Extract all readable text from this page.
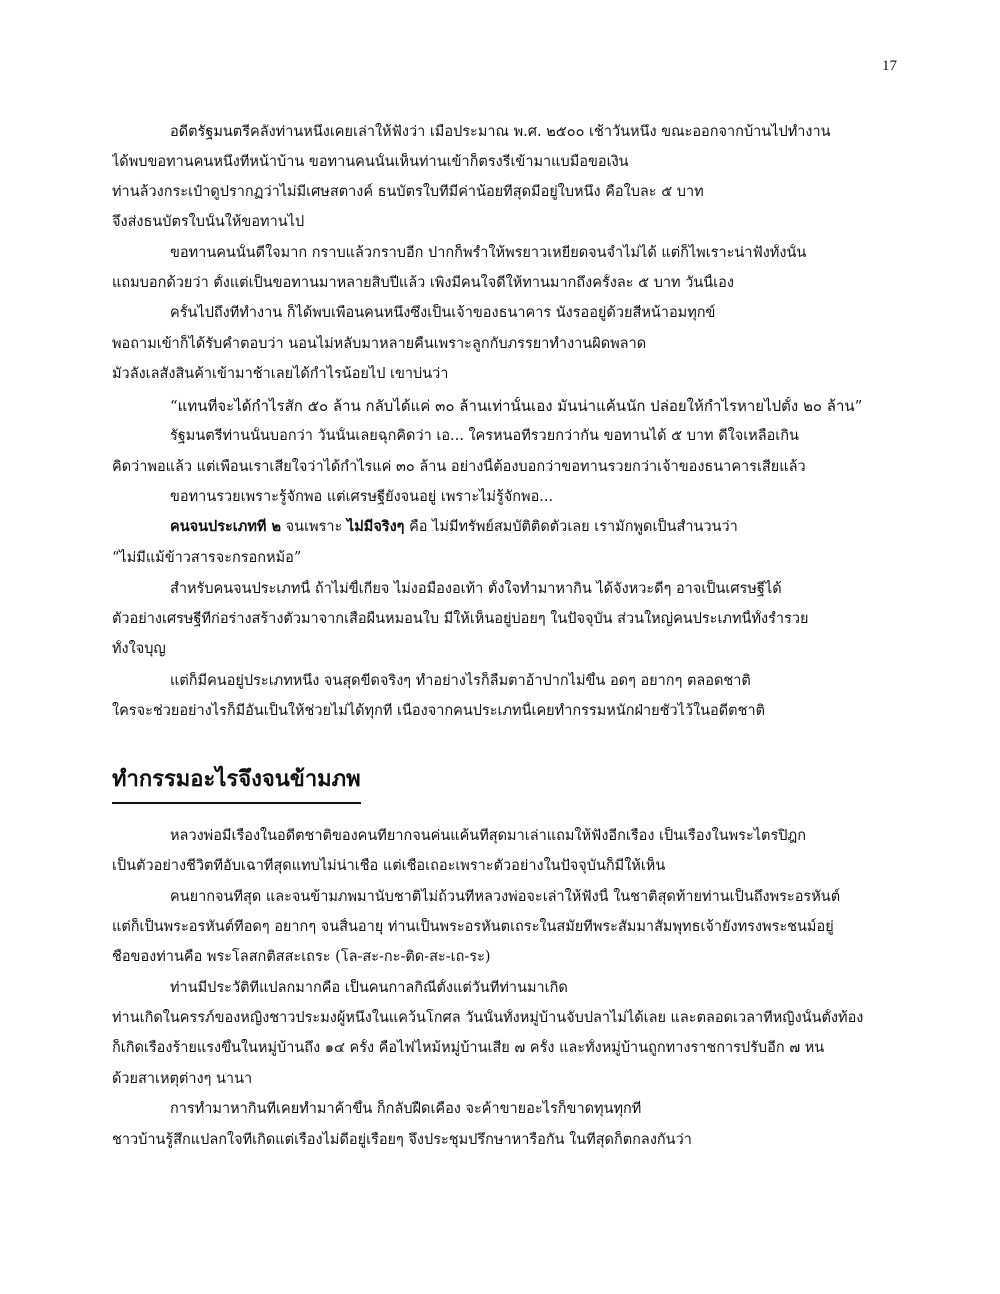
17
อดีตรัฐมนตรีคลังท่านหนึ่งเคยเล่าให้ฟังว่า เมื่อประมาณ พ.ศ. ๒๕๐๐ เช้าวันหนึ่ง ขณะออกจากบ้านไปทำงาน
ได้พบขอทานคนหนึ่งที่หน้าบ้าน ขอทานคนนั้นเห็นท่านเข้าก็ตรงรี่เข้ามาแบมือขอเงิน
ท่านล้วงกระเป๋าดูปรากฏว่าไม่มีเศษสตางค์ ธนบัตรใบที่มีค่าน้อยที่สุดมีอยู่ใบหนึ่ง คือใบละ ๕ บาท
จึงส่งธนบัตรใบนั้นให้ขอทานไป
ขอทานคนนั้นดีใจมาก กราบแล้วกราบอีก ปากก็พร่ำให้พรยาวเหยียดจนจำไม่ได้ แต่ก็ไพเราะน่าฟังทั้งนั้น
แถมบอกด้วยว่า ตั้งแต่เป็นขอทานมาหลายสิบปีแล้ว เพิ่งมีคนใจดีให้ทานมากถึงครั้งละ ๕ บาท วันนี้เอง
ครั้นไปถึงที่ทำงาน ก็ได้พบเพื่อนคนหนึ่งซึ่งเป็นเจ้าของธนาคาร นั่งรออยู่ด้วยสีหน้าอมทุกข์
พอถามเข้าก็ได้รับคำตอบว่า นอนไม่หลับมาหลายคืนเพราะลูกกับภรรยาทำงานผิดพลาด
มัวลังเลสั่งสินค้าเข้ามาช้าเลยได้กำไรน้อยไป เขาบ่นว่า
“แทนที่จะได้กำไรสัก ๕๐ ล้าน กลับได้แค่ ๓๐ ล้านเท่านั้นเอง มันน่าแค้นนัก ปล่อยให้กำไรหายไปตั้ง ๒๐ ล้าน”
รัฐมนตรีท่านนั้นบอกว่า วันนั้นเลยฉุกคิดว่า เอ... ใครหนอที่รวยกว่ากัน ขอทานได้ ๕ บาท ดีใจเหลือเกิน
คิดว่าพอแล้ว แต่เพื่อนเราเสียใจว่าได้กำไรแค่ ๓๐ ล้าน อย่างนี้ต้องบอกว่าขอทานรวยกว่าเจ้าของธนาคารเสียแล้ว
ขอทานรวยเพราะรู้จักพอ แต่เศรษฐียังจนอยู่ เพราะไม่รู้จักพอ...
คนจนประเภทที่ ๒ จนเพราะ ไม่มีจริงๆ คือ ไม่มีทรัพย์สมบัติติดตัวเลย เรามักพูดเป็นสำนวนว่า
“ไม่มีแม้ข้าวสารจะกรอกหม้อ”
สำหรับคนจนประเภทนี้ ถ้าไม่ขี้เกียจ ไม่งอมืองอเท้า ตั้งใจทำมาหากิน ได้จังหวะดีๆ อาจเป็นเศรษฐีได้
ตัวอย่างเศรษฐีที่ก่อร่างสร้างตัวมาจากเสื่อผืนหมอนใบ มีให้เห็นอยู่บ่อยๆ ในปัจจุบัน ส่วนใหญ่คนประเภทนี้ทั้งร่ำรวย
ทั้งใจบุญ
แต่ก็มีคนอยู่ประเภทหนึ่ง จนสุดขีดจริงๆ ทำอย่างไรก็ลืมตาอ้าปากไม่ขึ้น อดๆ อยากๆ ตลอดชาติ
ใครจะช่วยอย่างไรก็มีอันเป็นให้ช่วยไม่ได้ทุกที เนื่องจากคนประเภทนี้เคยทำกรรมหนักฝ่ายชั่วไว้ในอดีตชาติ
ทำกรรมอะไรจึงจนข้ามภพ
หลวงพ่อมีเรื่องในอดีตชาติของคนที่ยากจนค่นแค้นที่สุดมาเล่าแถมให้ฟังอีกเรื่อง เป็นเรื่องในพระไตรปิฎก
เป็นตัวอย่างชีวิตที่อับเฉาที่สุดแทบไม่น่าเชื่อ แต่เชื่อเถอะเพราะตัวอย่างในปัจจุบันก็มีให้เห็น
คนยากจนที่สุด และจนข้ามภพมานับชาติไม่ถ้วนที่หลวงพ่อจะเล่าให้ฟังนี้ ในชาติสุดท้ายท่านเป็นถึงพระอรหันต์
แต่ก็เป็นพระอรหันต์ที่อดๆ อยากๆ จนสิ้นอายุ ท่านเป็นพระอรหันตเถระในสมัยที่พระสัมมาสัมพุทธเจ้ายังทรงพระชนม์อยู่
ชื่อของท่านคือ พระโลสกติสสะเถระ (โล-สะ-กะ-ติด-สะ-เถ-ระ)
ท่านมีประวัติที่แปลกมากคือ เป็นคนกาลกิณีตั้งแต่วันที่ท่านมาเกิด
ท่านเกิดในครรภ์ของหญิงชาวประมงผู้หนึ่งในแคว้นโกศล วันนั้นทั้งหมู่บ้านจับปลาไม่ได้เลย และตลอดเวลาที่หญิงนั้นตั้งท้อง
ก็เกิดเรื่องร้ายแรงขึ้นในหมู่บ้านถึง ๑๔ ครั้ง คือไฟไหม้หมู่บ้านเสีย ๗ ครั้ง และทั้งหมู่บ้านถูกทางราชการปรับอีก ๗ หน
ด้วยสาเหตุต่างๆ นานา
การทำมาหากินที่เคยทำมาค้าขึ้น ก็กลับฝืดเคือง จะค้าขายอะไรก็ขาดทุนทุกที
ชาวบ้านรู้สึกแปลกใจที่เกิดแต่เรื่องไม่ดีอยู่เรื่อยๆ จึงประชุมปรึกษาหารือกัน ในที่สุดก็ตกลงกันว่า
